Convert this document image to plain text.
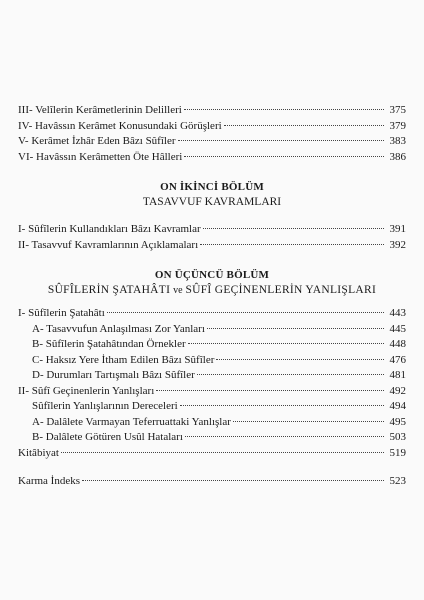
III- Velîlerin Kerâmetlerinin Delilleri	375
IV- Havâssın Kerâmet Konusundaki Görüşleri	379
V- Kerâmet İzhâr Eden Bâzı Sûfîler	383
VI- Havâssın Kerâmetten Öte Hâlleri	386
ON İKİNCİ BÖLÜM
TASAVVUF KAVRAMLARI
I- Sûfîlerin Kullandıkları Bâzı Kavramlar	391
II- Tasavvuf Kavramlarının Açıklamaları	392
ON ÜÇÜNCÜ BÖLÜM
SÛFÎLERİN ŞATAHÂTI ve SÛFÎ GEÇİNENLERİN YANLIŞLARI
I- Sûfîlerin Şatahâtı	443
A- Tasavvufun Anlaşılması Zor Yanları	445
B- Sûfîlerin Şatahâtından Örnekler	448
C- Haksız Yere İtham Edilen Bâzı Sûfîler	476
D- Durumları Tartışmalı Bâzı Sûfîler	481
II- Sûfî Geçinenlerin Yanlışları	492
Sûfîlerin Yanlışlarının Dereceleri	494
A- Dalâlete Varmayan Teferruattaki Yanlışlar	495
B- Dalâlete Götüren Usûl Hataları	503
Kitâbiyat	519
Karma İndeks	523
